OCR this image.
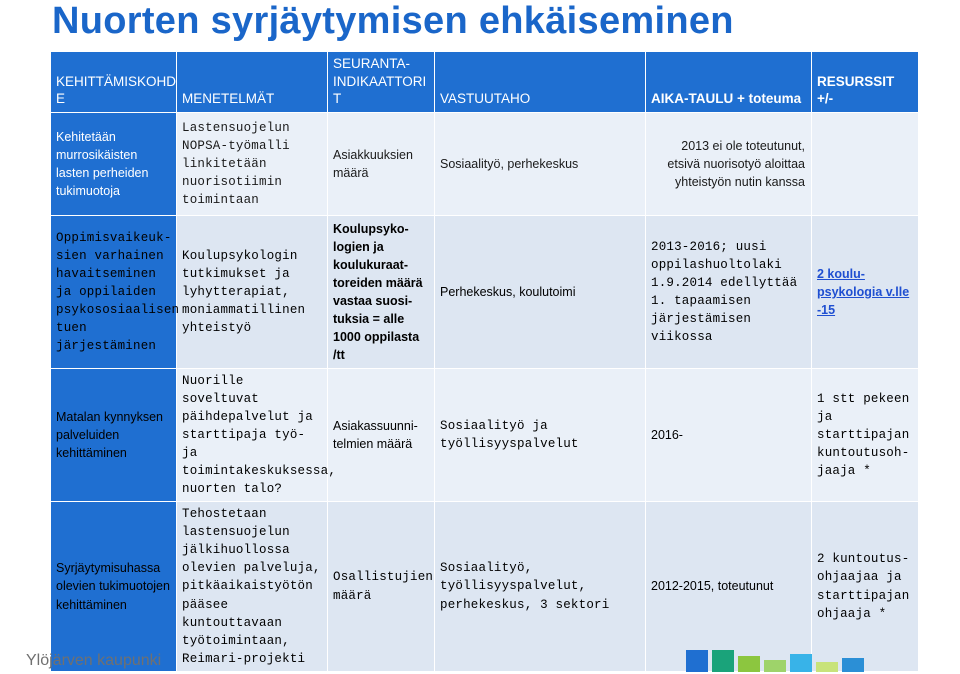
Nuorten syrjäytymisen ehkäiseminen
KEHITTÄMISKOHD E	MENETELMÄT	SEURANTA-INDIKAATTORI T	VASTUUTAHO	AIKA-TAULU + toteuma	RESURSSIT +/-
Kehitetään murrosikäisten lasten perheiden tukimuotoja	Lastensuojelun NOPSA-työmalli linkitetään nuorisotiimin toimintaan	Asiakkuuksien määrä	Sosiaalityö, perhekeskus	2013 ei ole toteutunut, etsivä nuorisotyö aloittaa yhteistyön nutin kanssa	
Oppimisvaikeuk-sien varhainen havaitseminen ja oppilaiden psykososiaalisen tuen järjestäminen	Koulupsykologin tutkimukset ja lyhytterapiat, moniammatillinen yhteistyö	Koulupsyko-logien ja koulukuraat-toreiden määrä vastaa suosi-tuksia = alle 1000 oppilasta /tt	Perhekeskus, koulutoimi	2013-2016; uusi oppilashuoltolaki 1.9.2014 edellyttää 1. tapaamisen järjestämisen viikossa	2 koulu-psykologia v.lle -15
Matalan kynnyksen palveluiden kehittäminen	Nuorille soveltuvat päihdepalvelut ja starttipaja työ- ja toimintakeskuksessa, nuorten talo?	Asiakassuunni-telmien määrä	Sosiaalityö ja työllisyyspalvelut	2016-	1 stt pekeen ja starttipajan kuntoutusoh-jaaja *
Syrjäytymisuhassa olevien tukimuotojen kehittäminen	Tehostetaan lastensuojelun jälkihuollossa olevien palveluja, pitkäaikaistyötön pääsee kuntouttavaan työtoimintaan, Reimari-projekti	Osallistujien määrä	Sosiaalityö, työllisyyspalvelut, perhekeskus, 3 sektori	2012-2015, toteutunut	2 kuntoutus-ohjaajaa ja starttipajan ohjaaja *
Ylöjärven kaupunki
